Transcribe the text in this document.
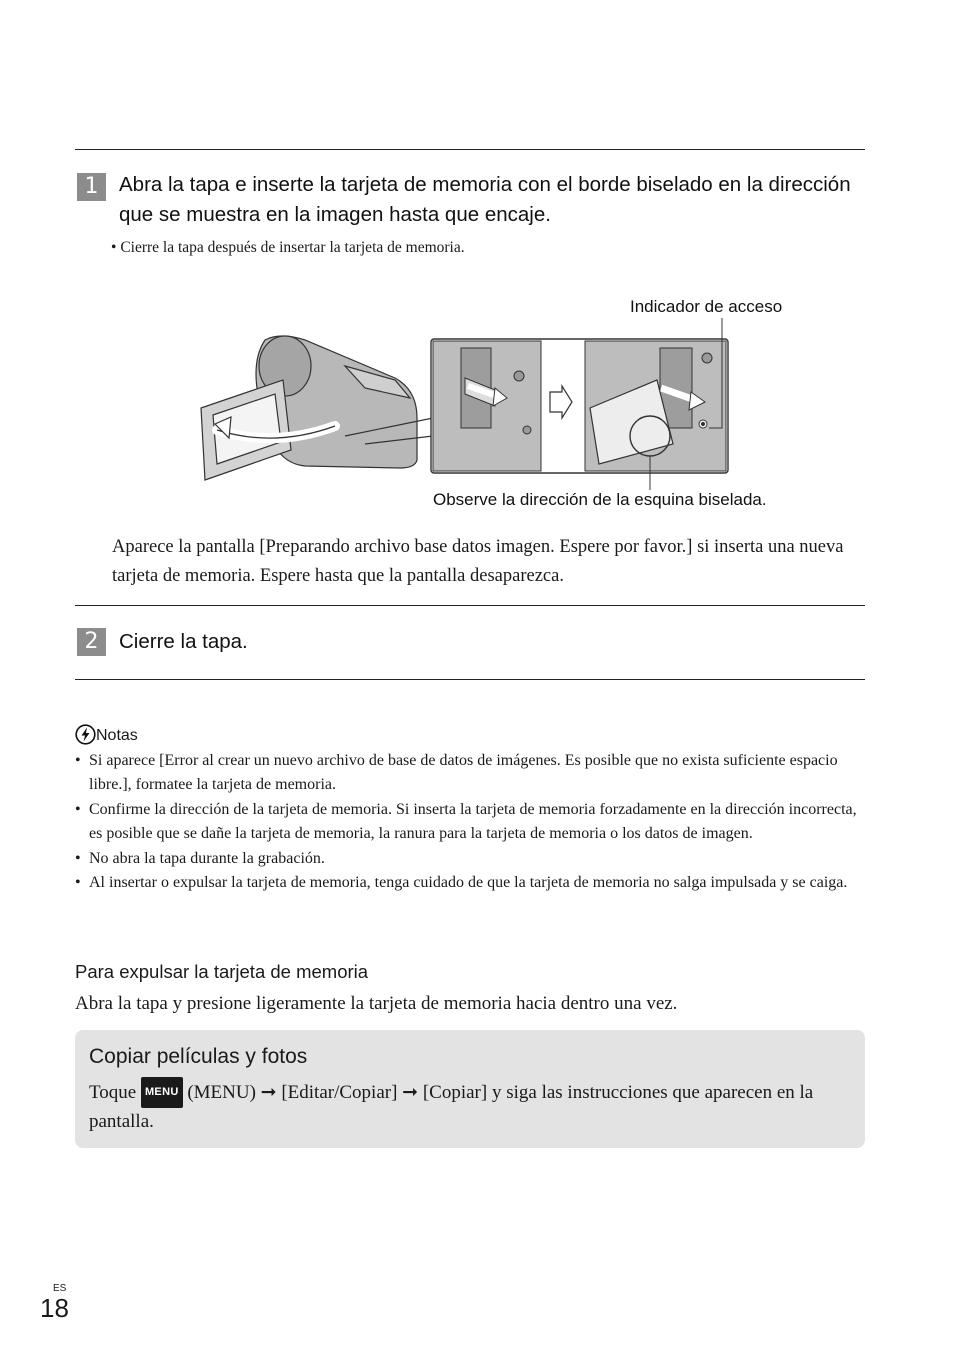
1	Abra la tapa e inserte la tarjeta de memoria con el borde biselado en la dirección que se muestra en la imagen hasta que encaje.
• Cierre la tapa después de insertar la tarjeta de memoria.
Indicador de acceso
Observe la dirección de la esquina biselada.
Aparece la pantalla [Preparando archivo base datos imagen. Espere por favor.] si inserta una nueva tarjeta de memoria. Espere hasta que la pantalla desaparezca.
2	Cierre la tapa.
Notas
• Si aparece [Error al crear un nuevo archivo de base de datos de imágenes. Es posible que no exista suficiente espacio libre.], formatee la tarjeta de memoria.
• Confirme la dirección de la tarjeta de memoria. Si inserta la tarjeta de memoria forzadamente en la dirección incorrecta, es posible que se dañe la tarjeta de memoria, la ranura para la tarjeta de memoria o los datos de imagen.
• No abra la tapa durante la grabación.
• Al insertar o expulsar la tarjeta de memoria, tenga cuidado de que la tarjeta de memoria no salga impulsada y se caiga.
Para expulsar la tarjeta de memoria
Abra la tapa y presione ligeramente la tarjeta de memoria hacia dentro una vez.
Copiar películas y fotos
Toque MENU (MENU) ➞ [Editar/Copiar] ➞ [Copiar] y siga las instrucciones que aparecen en la pantalla.
ES
18
